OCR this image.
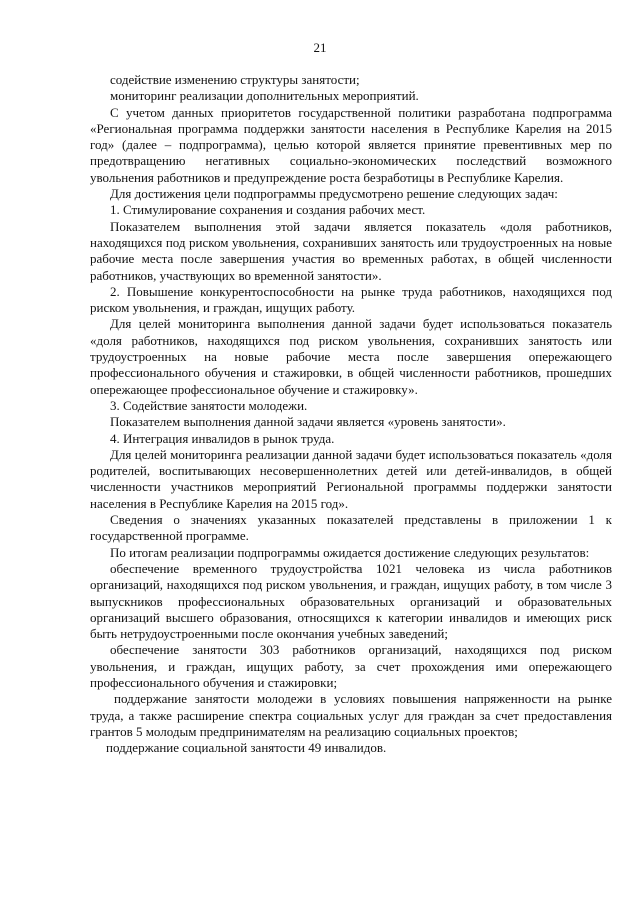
21

содействие изменению структуры занятости;

мониторинг реализации дополнительных мероприятий.

С учетом данных приоритетов государственной политики разработана подпрограмма «Региональная программа поддержки занятости населения в Республике Карелия на 2015 год» (далее – подпрограмма), целью которой является принятие превентивных мер по предотвращению негативных социально-экономических последствий возможного увольнения работников и предупреждение роста безработицы в Республике Карелия.

Для достижения цели подпрограммы предусмотрено решение следующих задач:

1. Стимулирование сохранения и создания рабочих мест.

Показателем выполнения этой задачи является показатель «доля работников, находящихся под риском увольнения, сохранивших занятость или трудоустроенных на новые рабочие места после завершения участия во временных работах, в общей численности работников, участвующих во временной занятости».

2. Повышение конкурентоспособности на рынке труда работников, находящихся под риском увольнения, и граждан, ищущих работу.

Для целей мониторинга выполнения данной задачи будет использоваться показатель «доля работников, находящихся под риском увольнения, сохранивших занятость или трудоустроенных на новые рабочие места после завершения опережающего профессионального обучения и стажировки, в общей численности работников, прошедших опережающее профессиональное обучение и стажировку».

3. Содействие занятости молодежи.

Показателем выполнения данной задачи является «уровень занятости».

4. Интеграция инвалидов в рынок труда.

Для целей мониторинга реализации данной задачи будет использоваться показатель «доля родителей, воспитывающих несовершеннолетних детей или детей-инвалидов, в общей численности участников мероприятий Региональной программы поддержки занятости населения в Республике Карелия на 2015 год».

Сведения о значениях указанных показателей представлены в приложении 1 к государственной программе.

По итогам реализации подпрограммы ожидается достижение следующих результатов:

обеспечение временного трудоустройства 1021 человека из числа работников организаций, находящихся под риском увольнения, и граждан, ищущих работу, в том числе 3 выпускников профессиональных образовательных организаций и образовательных организаций высшего образования, относящихся к категории инвалидов и имеющих риск быть нетрудоустроенными после окончания учебных заведений;

обеспечение занятости 303 работников организаций, находящихся под риском увольнения, и граждан, ищущих работу, за счет прохождения ими опережающего профессионального обучения и стажировки;

поддержание занятости молодежи в условиях повышения напряженности на рынке труда, а также расширение спектра социальных услуг для граждан за счет предоставления грантов 5 молодым предпринимателям на реализацию социальных проектов;

поддержание социальной занятости 49 инвалидов.
